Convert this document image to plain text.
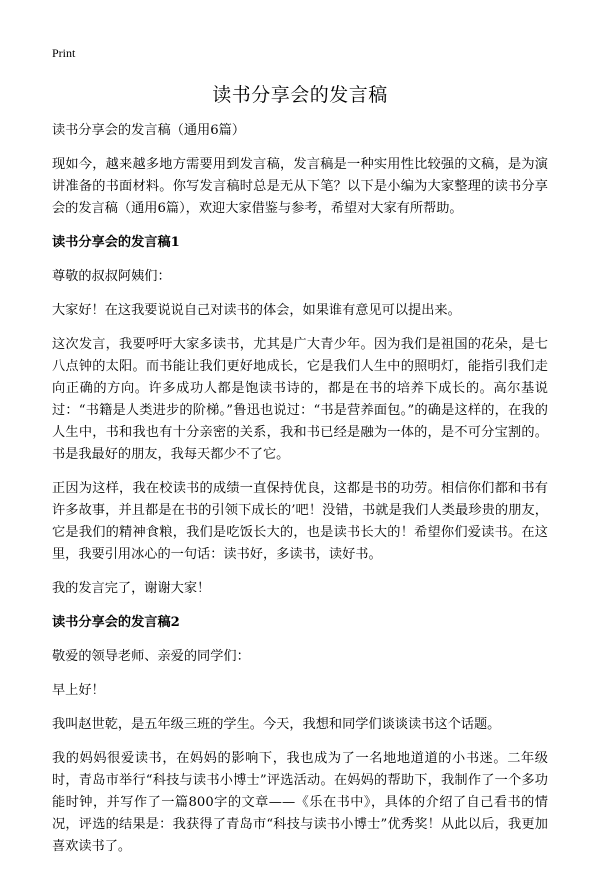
Print
读书分享会的发言稿

读书分享会的发言稿（通用6篇）

现如今，越来越多地方需要用到发言稿，发言稿是一种实用性比较强的文稿，是为演讲准备的书面材料。你写发言稿时总是无从下笔？以下是小编为大家整理的读书分享会的发言稿（通用6篇），欢迎大家借鉴与参考，希望对大家有所帮助。

读书分享会的发言稿1

尊敬的叔叔阿姨们：

大家好！在这我要说说自己对读书的体会，如果谁有意见可以提出来。

这次发言，我要呼吁大家多读书，尤其是广大青少年。因为我们是祖国的花朵，是七八点钟的太阳。而书能让我们更好地成长，它是我们人生中的照明灯，能指引我们走向正确的方向。许多成功人都是饱读书诗的，都是在书的培养下成长的。高尔基说过：“书籍是人类进步的阶梯。”鲁迅也说过：“书是营养面包。”的确是这样的，在我的人生中，书和我也有十分亲密的关系，我和书已经是融为一体的，是不可分宝割的。书是我最好的朋友，我每天都少不了它。

正因为这样，我在校读书的成绩一直保持优良，这都是书的功劳。相信你们都和书有许多故事，并且都是在书的引领下成长的’吧！没错，书就是我们人类最珍贵的朋友，它是我们的精神食粮，我们是吃饭长大的，也是读书长大的！希望你们爱读书。在这里，我要引用冰心的一句话：读书好，多读书，读好书。

我的发言完了，谢谢大家！

读书分享会的发言稿2

敬爱的领导老师、亲爱的同学们：

早上好！

我叫赵世乾，是五年级三班的学生。今天，我想和同学们谈谈读书这个话题。

我的妈妈很爱读书，在妈妈的影响下，我也成为了一名地地道道的小书迷。二年级时，青岛市举行“科技与读书小博士”评选活动。在妈妈的帮助下，我制作了一个多功能时钟，并写作了一篇800字的文章——《乐在书中》，具体的介绍了自己看书的情况，评选的结果是：我获得了青岛市“科技与读书小博士”优秀奖！从此以后，我更加喜欢读书了。
